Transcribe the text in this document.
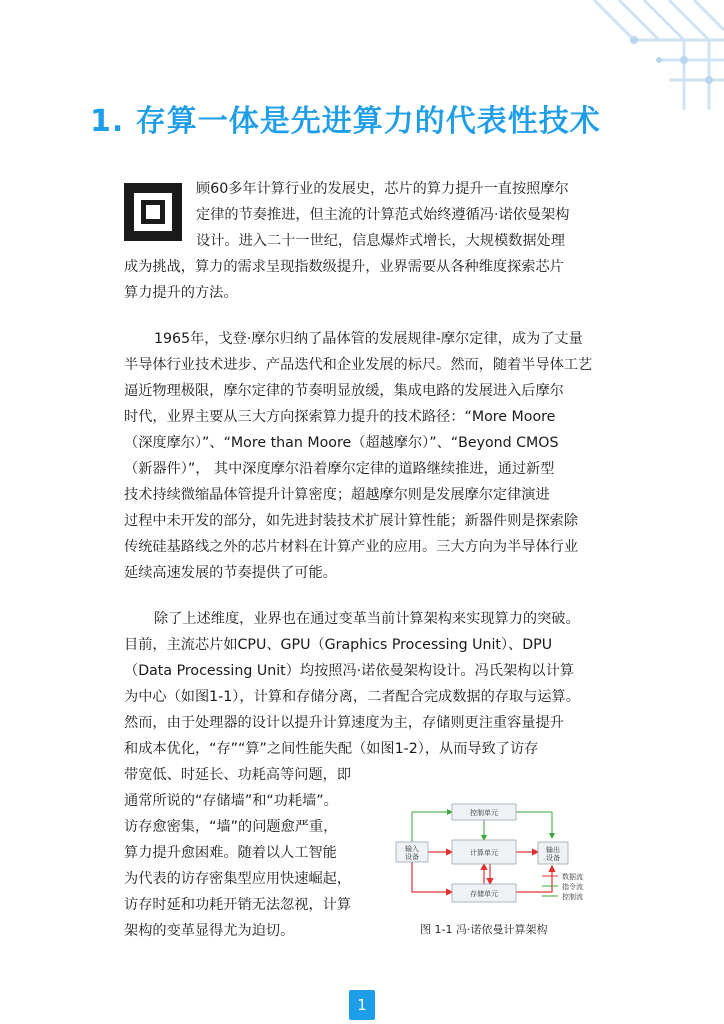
1. 存算一体是先进算力的代表性技术
顾60多年计算行业的发展史，芯片的算力提升一直按照摩尔
定律的节奏推进，但主流的计算范式始终遵循冯·诺依曼架构
设计。进入二十一世纪，信息爆炸式增长，大规模数据处理
成为挑战，算力的需求呈现指数级提升，业界需要从各种维度探索芯片
算力提升的方法。
1965年，戈登·摩尔归纳了晶体管的发展规律-摩尔定律，成为了丈量
半导体行业技术进步、产品迭代和企业发展的标尺。然而，随着半导体工艺
逼近物理极限，摩尔定律的节奏明显放缓，集成电路的发展进入后摩尔
时代，业界主要从三大方向探索算力提升的技术路径：“More Moore
（深度摩尔）”、“More than Moore（超越摩尔）”、“Beyond CMOS
（新器件）”， 其中深度摩尔沿着摩尔定律的道路继续推进，通过新型
技术持续微缩晶体管提升计算密度；超越摩尔则是发展摩尔定律演进
过程中未开发的部分，如先进封装技术扩展计算性能；新器件则是探索除
传统硅基路线之外的芯片材料在计算产业的应用。三大方向为半导体行业
延续高速发展的节奏提供了可能。
除了上述维度，业界也在通过变革当前计算架构来实现算力的突破。
目前，主流芯片如CPU、GPU（Graphics Processing Unit）、DPU
（Data Processing Unit）均按照冯·诺依曼架构设计。冯氏架构以计算
为中心（如图1-1），计算和存储分离，二者配合完成数据的存取与运算。
然而，由于处理器的设计以提升计算速度为主，存储则更注重容量提升
和成本优化，“存”“算”之间性能失配（如图1-2），从而导致了访存
带宽低、时延长、功耗高等问题，即
通常所说的“存储墙”和“功耗墙”。
访存愈密集，“墙”的问题愈严重，
算力提升愈困难。随着以人工智能
为代表的访存密集型应用快速崛起，
访存时延和功耗开销无法忽视，计算
架构的变革显得尤为迫切。
控制单元
计算单元
存储单元
输入
设备
输出
设备
数据流
指令流
控制流
图 1-1 冯·诺依曼计算架构
1
